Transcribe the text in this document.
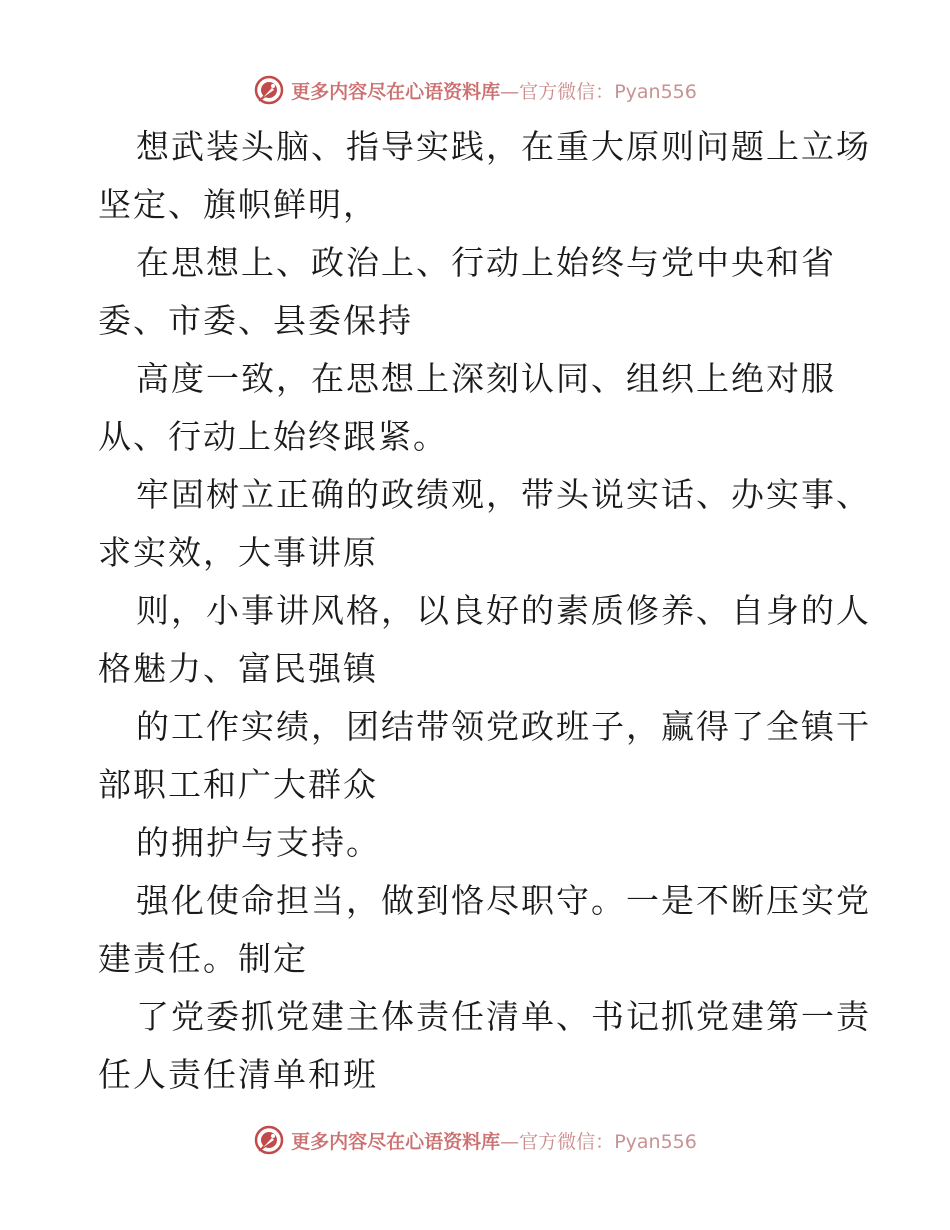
更多内容尽在心语资料库—官方微信：Pyan556
想武装头脑、指导实践，在重大原则问题上立场
坚定、旗帜鲜明，
在思想上、政治上、行动上始终与党中央和省
委、市委、县委保持
高度一致，在思想上深刻认同、组织上绝对服
从、行动上始终跟紧。
牢固树立正确的政绩观，带头说实话、办实事、
求实效，大事讲原
则，小事讲风格，以良好的素质修养、自身的人
格魅力、富民强镇
的工作实绩，团结带领党政班子，赢得了全镇干
部职工和广大群众
的拥护与支持。
强化使命担当，做到恪尽职守。一是不断压实党
建责任。制定
了党委抓党建主体责任清单、书记抓党建第一责
任人责任清单和班
更多内容尽在心语资料库—官方微信：Pyan556
